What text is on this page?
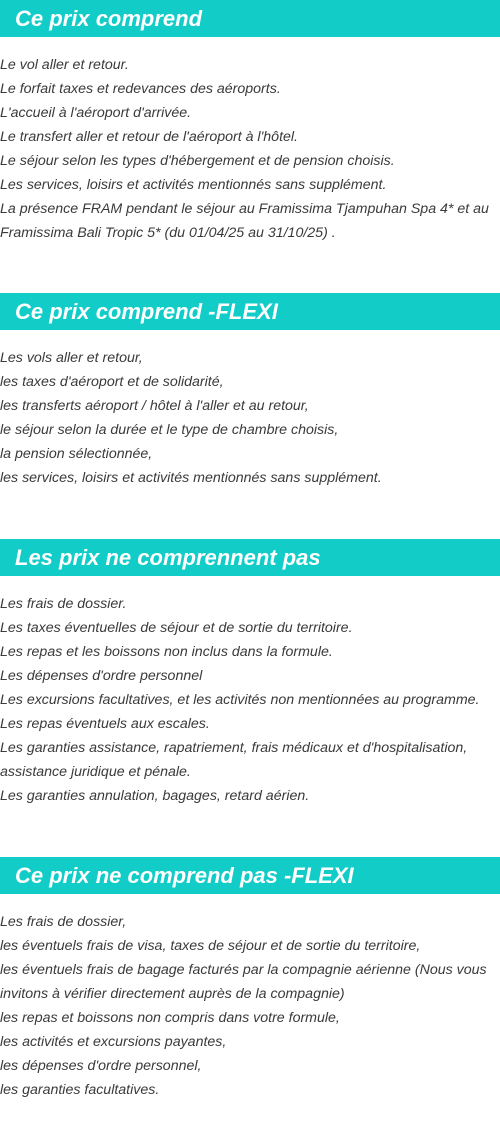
Ce prix comprend

Le vol aller et retour.

Le forfait taxes et redevances des aéroports.

L'accueil à l'aéroport d'arrivée.

Le transfert aller et retour de l'aéroport à l'hôtel.

Le séjour selon les types d'hébergement et de pension choisis.

Les services, loisirs et activités mentionnés sans supplément.

La présence FRAM pendant le séjour au Framissima Tjampuhan Spa 4* et au

Framissima Bali Tropic 5* (du 01/04/25 au 31/10/25) .

Ce prix comprend -FLEXI

Les vols aller et retour,

les taxes d'aéroport et de solidarité,

les transferts aéroport / hôtel à l'aller et au retour,

le séjour selon la durée et le type de chambre choisis,

la pension sélectionnée,

les services, loisirs et activités mentionnés sans supplément.

Les prix ne comprennent pas

Les frais de dossier.

Les taxes éventuelles de séjour et de sortie du territoire.

Les repas et les boissons non inclus dans la formule.

Les dépenses d'ordre personnel

Les excursions facultatives, et les activités non mentionnées au programme.

Les repas éventuels aux escales.

Les garanties assistance, rapatriement, frais médicaux et d'hospitalisation,

assistance juridique et pénale.

Les garanties annulation, bagages, retard aérien.

Ce prix ne comprend pas -FLEXI

Les frais de dossier,

les éventuels frais de visa, taxes de séjour et de sortie du territoire,

les éventuels frais de bagage facturés par la compagnie aérienne (Nous vous

invitons à vérifier directement auprès de la compagnie)

les repas et boissons non compris dans votre formule,

les activités et excursions payantes,

les dépenses d'ordre personnel,

les garanties facultatives.
